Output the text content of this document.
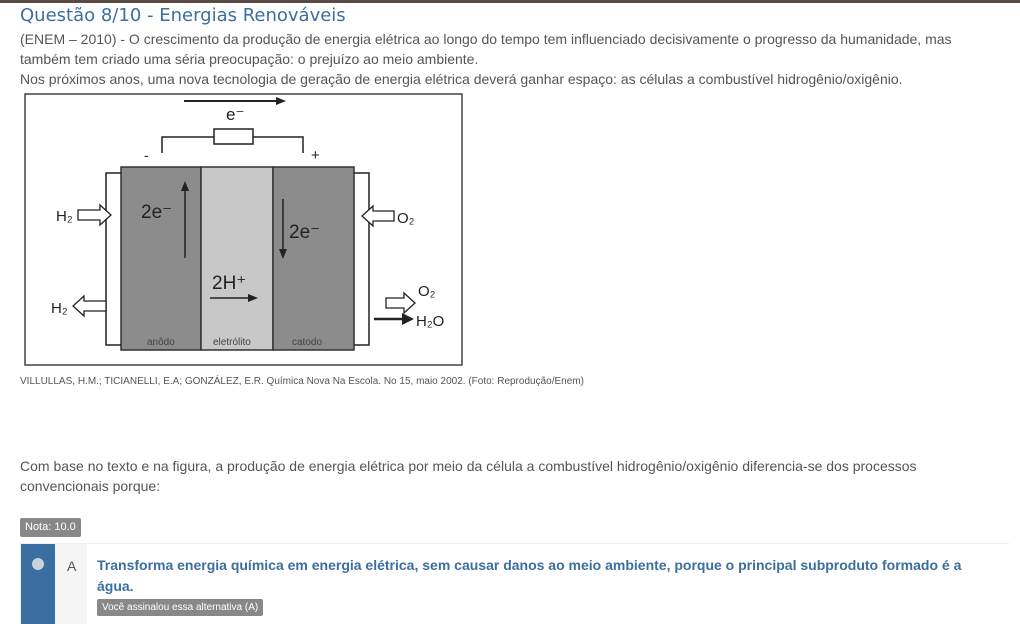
Questão 8/10 - Energias Renováveis
(ENEM – 2010) - O crescimento da produção de energia elétrica ao longo do tempo tem influenciado decisivamente o progresso da humanidade, mas também tem criado uma séria preocupação: o prejuízo ao meio ambiente.
Nos próximos anos, uma nova tecnologia de geração de energia elétrica deverá ganhar espaço: as células a combustível hidrogênio/oxigênio.
e⁻
-	+
2e⁻
2e⁻
2H⁺
H₂
H₂
O₂
O₂
H₂O
anôdo	eletrólito	catodo
VILLULLAS, H.M.; TICIANELLI, E.A; GONZÁLEZ, E.R. Química Nova Na Escola. No 15, maio 2002. (Foto: Reprodução/Enem)
Com base no texto e na figura, a produção de energia elétrica por meio da célula a combustível hidrogênio/oxigênio diferencia-se dos processos convencionais porque:
Nota: 10.0
A Transforma energia química em energia elétrica, sem causar danos ao meio ambiente, porque o principal subproduto formado é a água.
Você assinalou essa alternativa (A)
